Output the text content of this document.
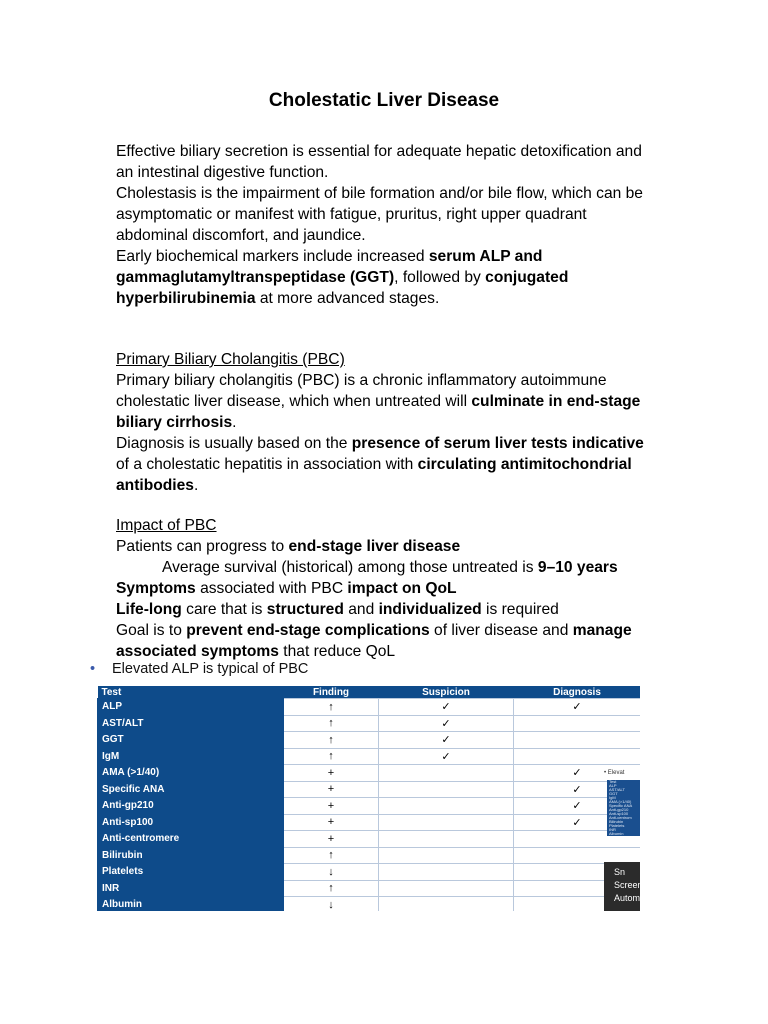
Cholestatic Liver Disease
Effective biliary secretion is essential for adequate hepatic detoxification and an intestinal digestive function.
Cholestasis is the impairment of bile formation and/or bile flow, which can be asymptomatic or manifest with fatigue, pruritus, right upper quadrant abdominal discomfort, and jaundice.
Early biochemical markers include increased serum ALP and gammaglutamyltranspeptidase (GGT), followed by conjugated hyperbilirubinemia at more advanced stages.
Primary Biliary Cholangitis (PBC)
Primary biliary cholangitis (PBC) is a chronic inflammatory autoimmune cholestatic liver disease, which when untreated will culminate in end-stage biliary cirrhosis.
Diagnosis is usually based on the presence of serum liver tests indicative of a cholestatic hepatitis in association with circulating antimitochondrial antibodies.
Impact of PBC
Patients can progress to end-stage liver disease
Average survival (historical) among those untreated is 9–10 years
Symptoms associated with PBC impact on QoL
Life-long care that is structured and individualized is required
Goal is to prevent end-stage complications of liver disease and manage associated symptoms that reduce QoL
• Elevated ALP is typical of PBC
Test	Finding	Suspicion	Diagnosis
ALP	↑	✓	✓
AST/ALT	↑	✓	
GGT	↑	✓	
IgM	↑	✓	
AMA (>1/40)	+		✓
Specific ANA	+		✓
Anti-gp210	+		✓
Anti-sp100	+		✓
Anti-centromere	+		
Bilirubin	↑		
Platelets	↓		
INR	↑		
Albumin	↓		
• Elevat
Test
ALP
AST/ALT
GGT
IgM
AMA (>1/40)
Specific ANA
Anti-gp210
Anti-sp100
Anti-centrom
Bilirubin
Platelets
INR
Albumin
Sn
Screen
Autom
